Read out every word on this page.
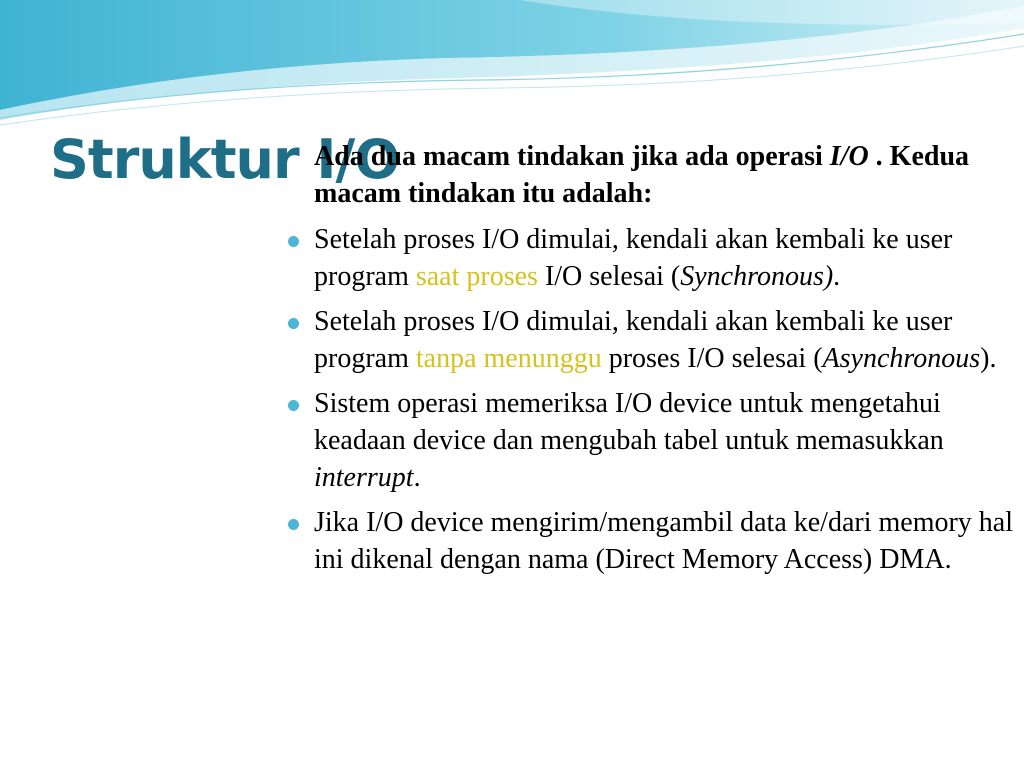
Struktur I/O

Ada dua macam tindakan jika ada operasi I/O . Kedua macam tindakan itu adalah:

Setelah proses I/O dimulai, kendali akan kembali ke user program saat proses I/O selesai (Synchronous).
Setelah proses I/O dimulai, kendali akan kembali ke user program tanpa menunggu proses I/O selesai (Asynchronous).
Sistem operasi memeriksa I/O device untuk mengetahui keadaan device dan mengubah tabel untuk memasukkan interrupt.
Jika I/O device mengirim/mengambil data ke/dari memory hal ini dikenal dengan nama (Direct Memory Access) DMA.
